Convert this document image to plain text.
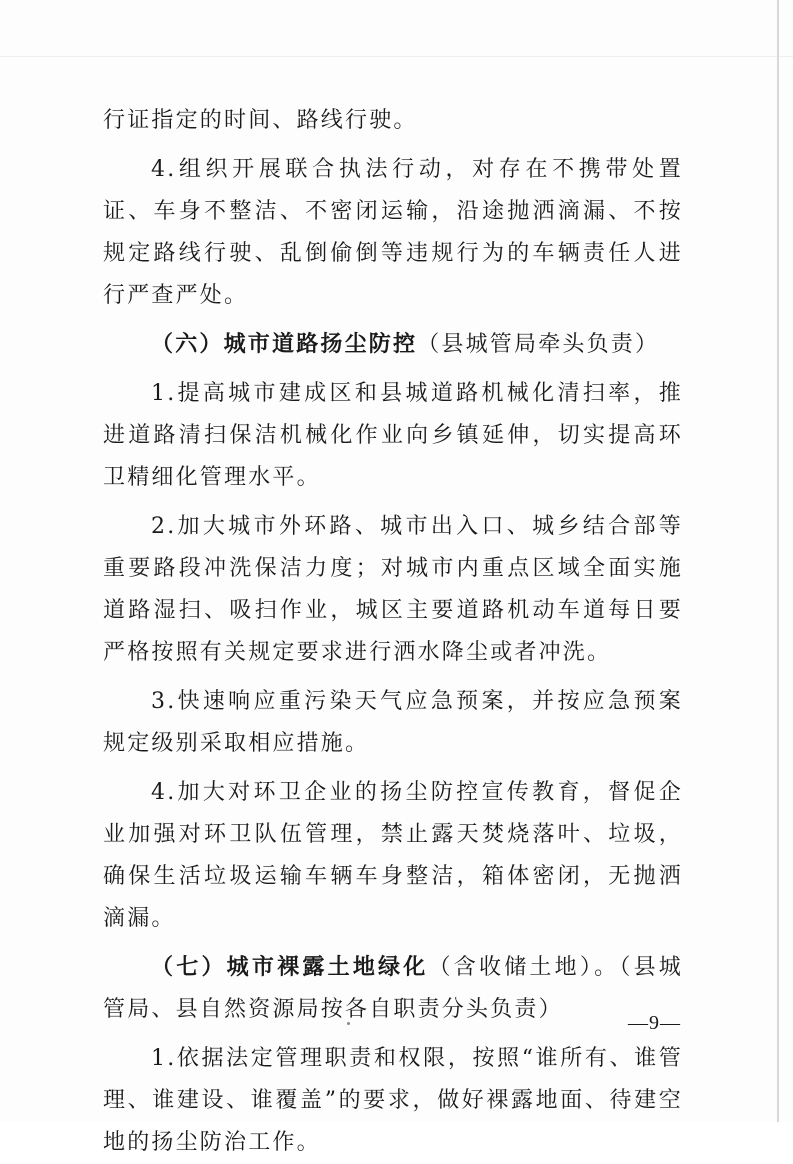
行证指定的时间、路线行驶。

4.组织开展联合执法行动，对存在不携带处置证、车身不整洁、不密闭运输，沿途抛洒滴漏、不按规定路线行驶、乱倒偷倒等违规行为的车辆责任人进行严查严处。

（六）城市道路扬尘防控（县城管局牵头负责）

1.提高城市建成区和县城道路机械化清扫率，推进道路清扫保洁机械化作业向乡镇延伸，切实提高环卫精细化管理水平。

2.加大城市外环路、城市出入口、城乡结合部等重要路段冲洗保洁力度；对城市内重点区域全面实施道路湿扫、吸扫作业，城区主要道路机动车道每日要严格按照有关规定要求进行洒水降尘或者冲洗。

3.快速响应重污染天气应急预案，并按应急预案规定级别采取相应措施。

4.加大对环卫企业的扬尘防控宣传教育，督促企业加强对环卫队伍管理，禁止露天焚烧落叶、垃圾，确保生活垃圾运输车辆车身整洁，箱体密闭，无抛洒滴漏。

（七）城市裸露土地绿化（含收储土地）。（县城管局、县自然资源局按各自职责分头负责）

1.依据法定管理职责和权限，按照“谁所有、谁管理、谁建设、谁覆盖”的要求，做好裸露地面、待建空地的扬尘防治工作。

—9—
